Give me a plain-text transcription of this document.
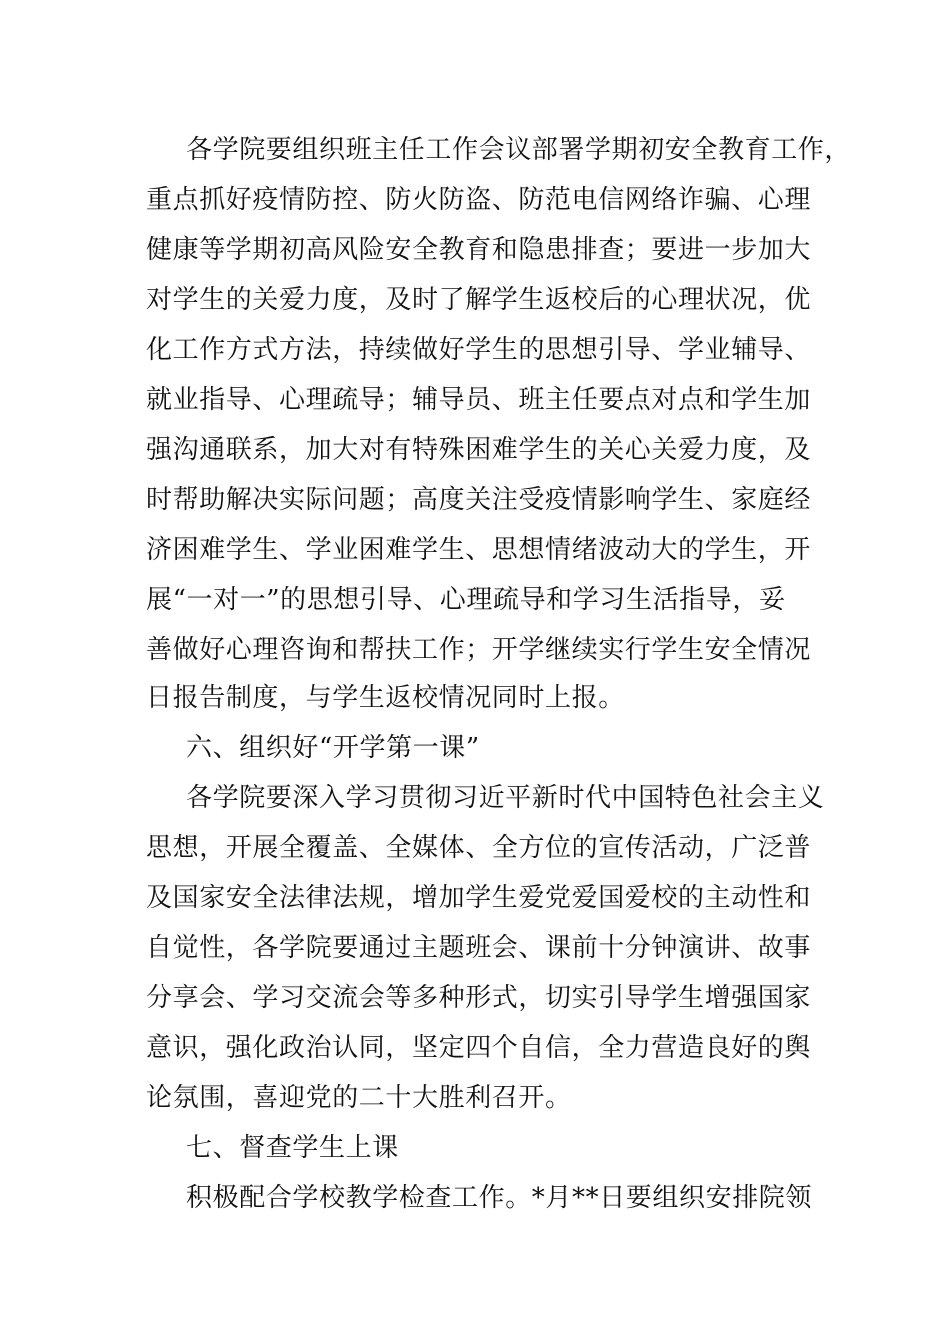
各学院要组织班主任工作会议部署学期初安全教育工作，
重点抓好疫情防控、防火防盗、防范电信网络诈骗、心理
健康等学期初高风险安全教育和隐患排查；要进一步加大
对学生的关爱力度，及时了解学生返校后的心理状况，优
化工作方式方法，持续做好学生的思想引导、学业辅导、
就业指导、心理疏导；辅导员、班主任要点对点和学生加
强沟通联系，加大对有特殊困难学生的关心关爱力度，及
时帮助解决实际问题；高度关注受疫情影响学生、家庭经
济困难学生、学业困难学生、思想情绪波动大的学生，开
展“一对一”的思想引导、心理疏导和学习生活指导，妥
善做好心理咨询和帮扶工作；开学继续实行学生安全情况
日报告制度，与学生返校情况同时上报。
六、组织好“开学第一课”
各学院要深入学习贯彻习近平新时代中国特色社会主义
思想，开展全覆盖、全媒体、全方位的宣传活动，广泛普
及国家安全法律法规，增加学生爱党爱国爱校的主动性和
自觉性，各学院要通过主题班会、课前十分钟演讲、故事
分享会、学习交流会等多种形式，切实引导学生增强国家
意识，强化政治认同，坚定四个自信，全力营造良好的舆
论氛围，喜迎党的二十大胜利召开。
七、督查学生上课
积极配合学校教学检查工作。*月**日要组织安排院领
